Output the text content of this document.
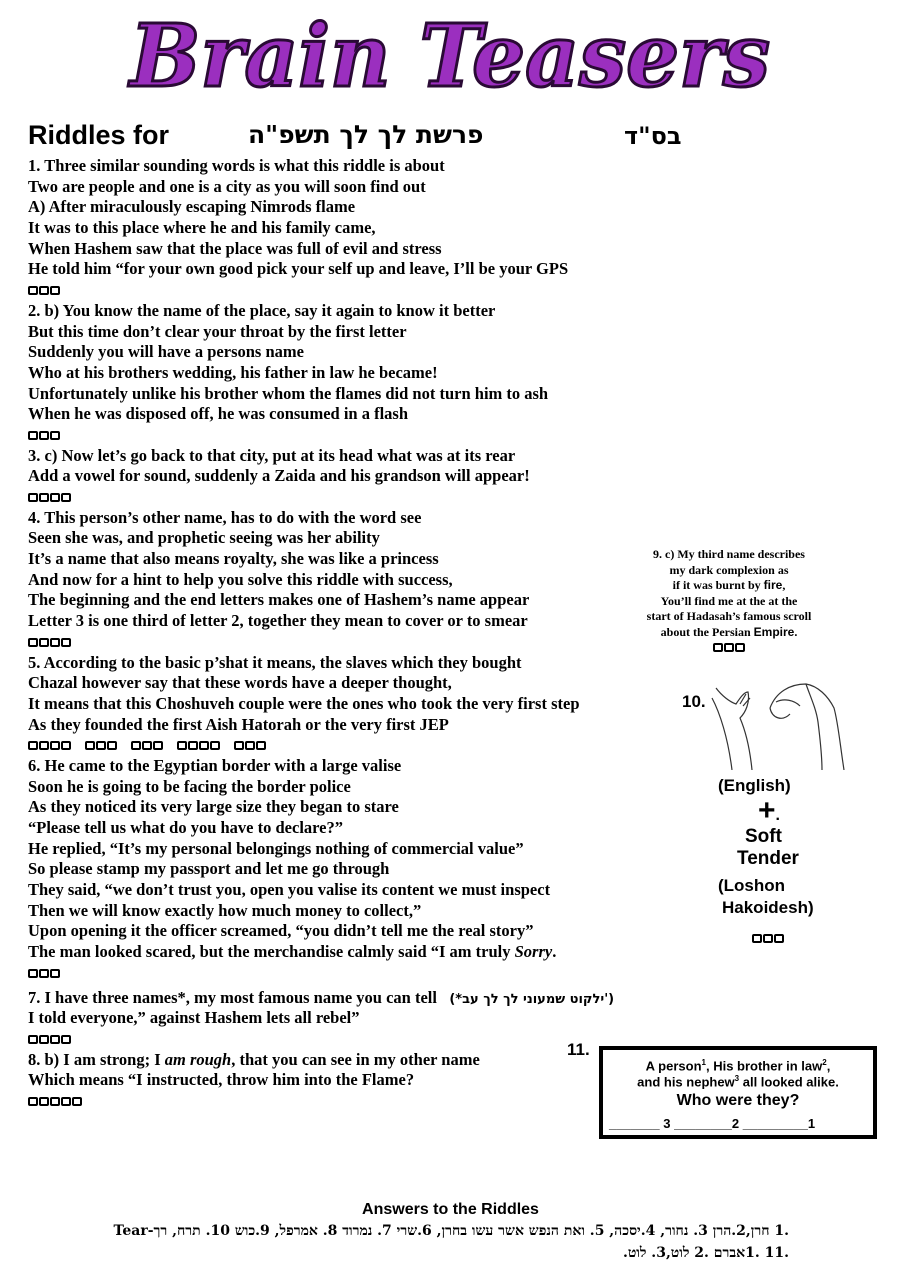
Brain Teasers
Riddles for	פרשת לך לך תשפ"ה	בס"ד
1. Three similar sounding words is what this riddle is about
Two are people and one is a city as you will soon find out
A) After miraculously escaping Nimrods flame
It was to this place where he and his family came,
When Hashem saw that the place was full of evil and stress
He told him “for your own good pick your self up and leave, I’ll be your GPS
2. b) You know the name of the place, say it again to know it better
But this time don’t clear your throat by the first letter
Suddenly you will have a persons name
Who at his brothers wedding, his father in law he became!
Unfortunately unlike his brother whom the flames did not turn him to ash
When he was disposed off, he was consumed in a flash
3. c) Now let’s go back to that city, put at its head what was at its rear
Add a vowel for sound, suddenly a Zaida and his grandson will appear!
4. This person’s other name, has to do with the word see
Seen she was, and prophetic seeing was her ability
It’s a name that also means royalty, she was like a princess
And now for a hint to help you solve this riddle with success,
The beginning and the end letters makes one of Hashem’s name appear
Letter 3 is one third of letter 2, together they mean to cover or to smear
5. According to the basic p’shat it means, the slaves which they bought
Chazal however say that these words have a deeper thought,
It means that this Choshuveh couple were the ones who took the very first step
As they founded the first Aish Hatorah or the very first JEP
6. He came to the Egyptian border with a large valise
Soon he is going to be facing the border police
As they noticed its very large size they began to stare
“Please tell us what do you have to declare?”
He replied, “It’s my personal belongings nothing of commercial value”
So please stamp my passport and let me go through
They said, “we don’t trust you, open you valise its content we must inspect
Then we will know exactly how much money to collect,”
Upon opening it the officer screamed, “you didn’t tell me the real story”
The man looked scared, but the merchandise calmly said “I am truly Sorry.
7. I have three names*, my most famous name you can tell (*ילקוט שמעוני לך לך עב')
I told everyone,” against Hashem lets all rebel”
8. b) I am strong; I am rough, that you can see in my other name
Which means “I instructed, throw him into the Flame?
9. c) My third name describes
my dark complexion as
if it was burnt by fire,
You’ll find me at the at the
start of Hadasah’s famous scroll
about the Persian Empire.
10.
(English)
+.
Soft
Tender
(Loshon
Hakoidesh)
11.
A person$^1$, His brother in law$^2$,
and his nephew$^3$ all looked alike.
Who were they?
_______ 3 ________2 _________1
Answers to the Riddles
.1 חרן,2.הרן 3. נחור, 4.יסכה, 5. ואת הנפש אשר עשו בחרן, 6.שרי 7. נמרוד 8. אמרפל, 9.כוש 10. תרח, רך-Tear
.11 .1אברם .2 לוט,3. לוט.
